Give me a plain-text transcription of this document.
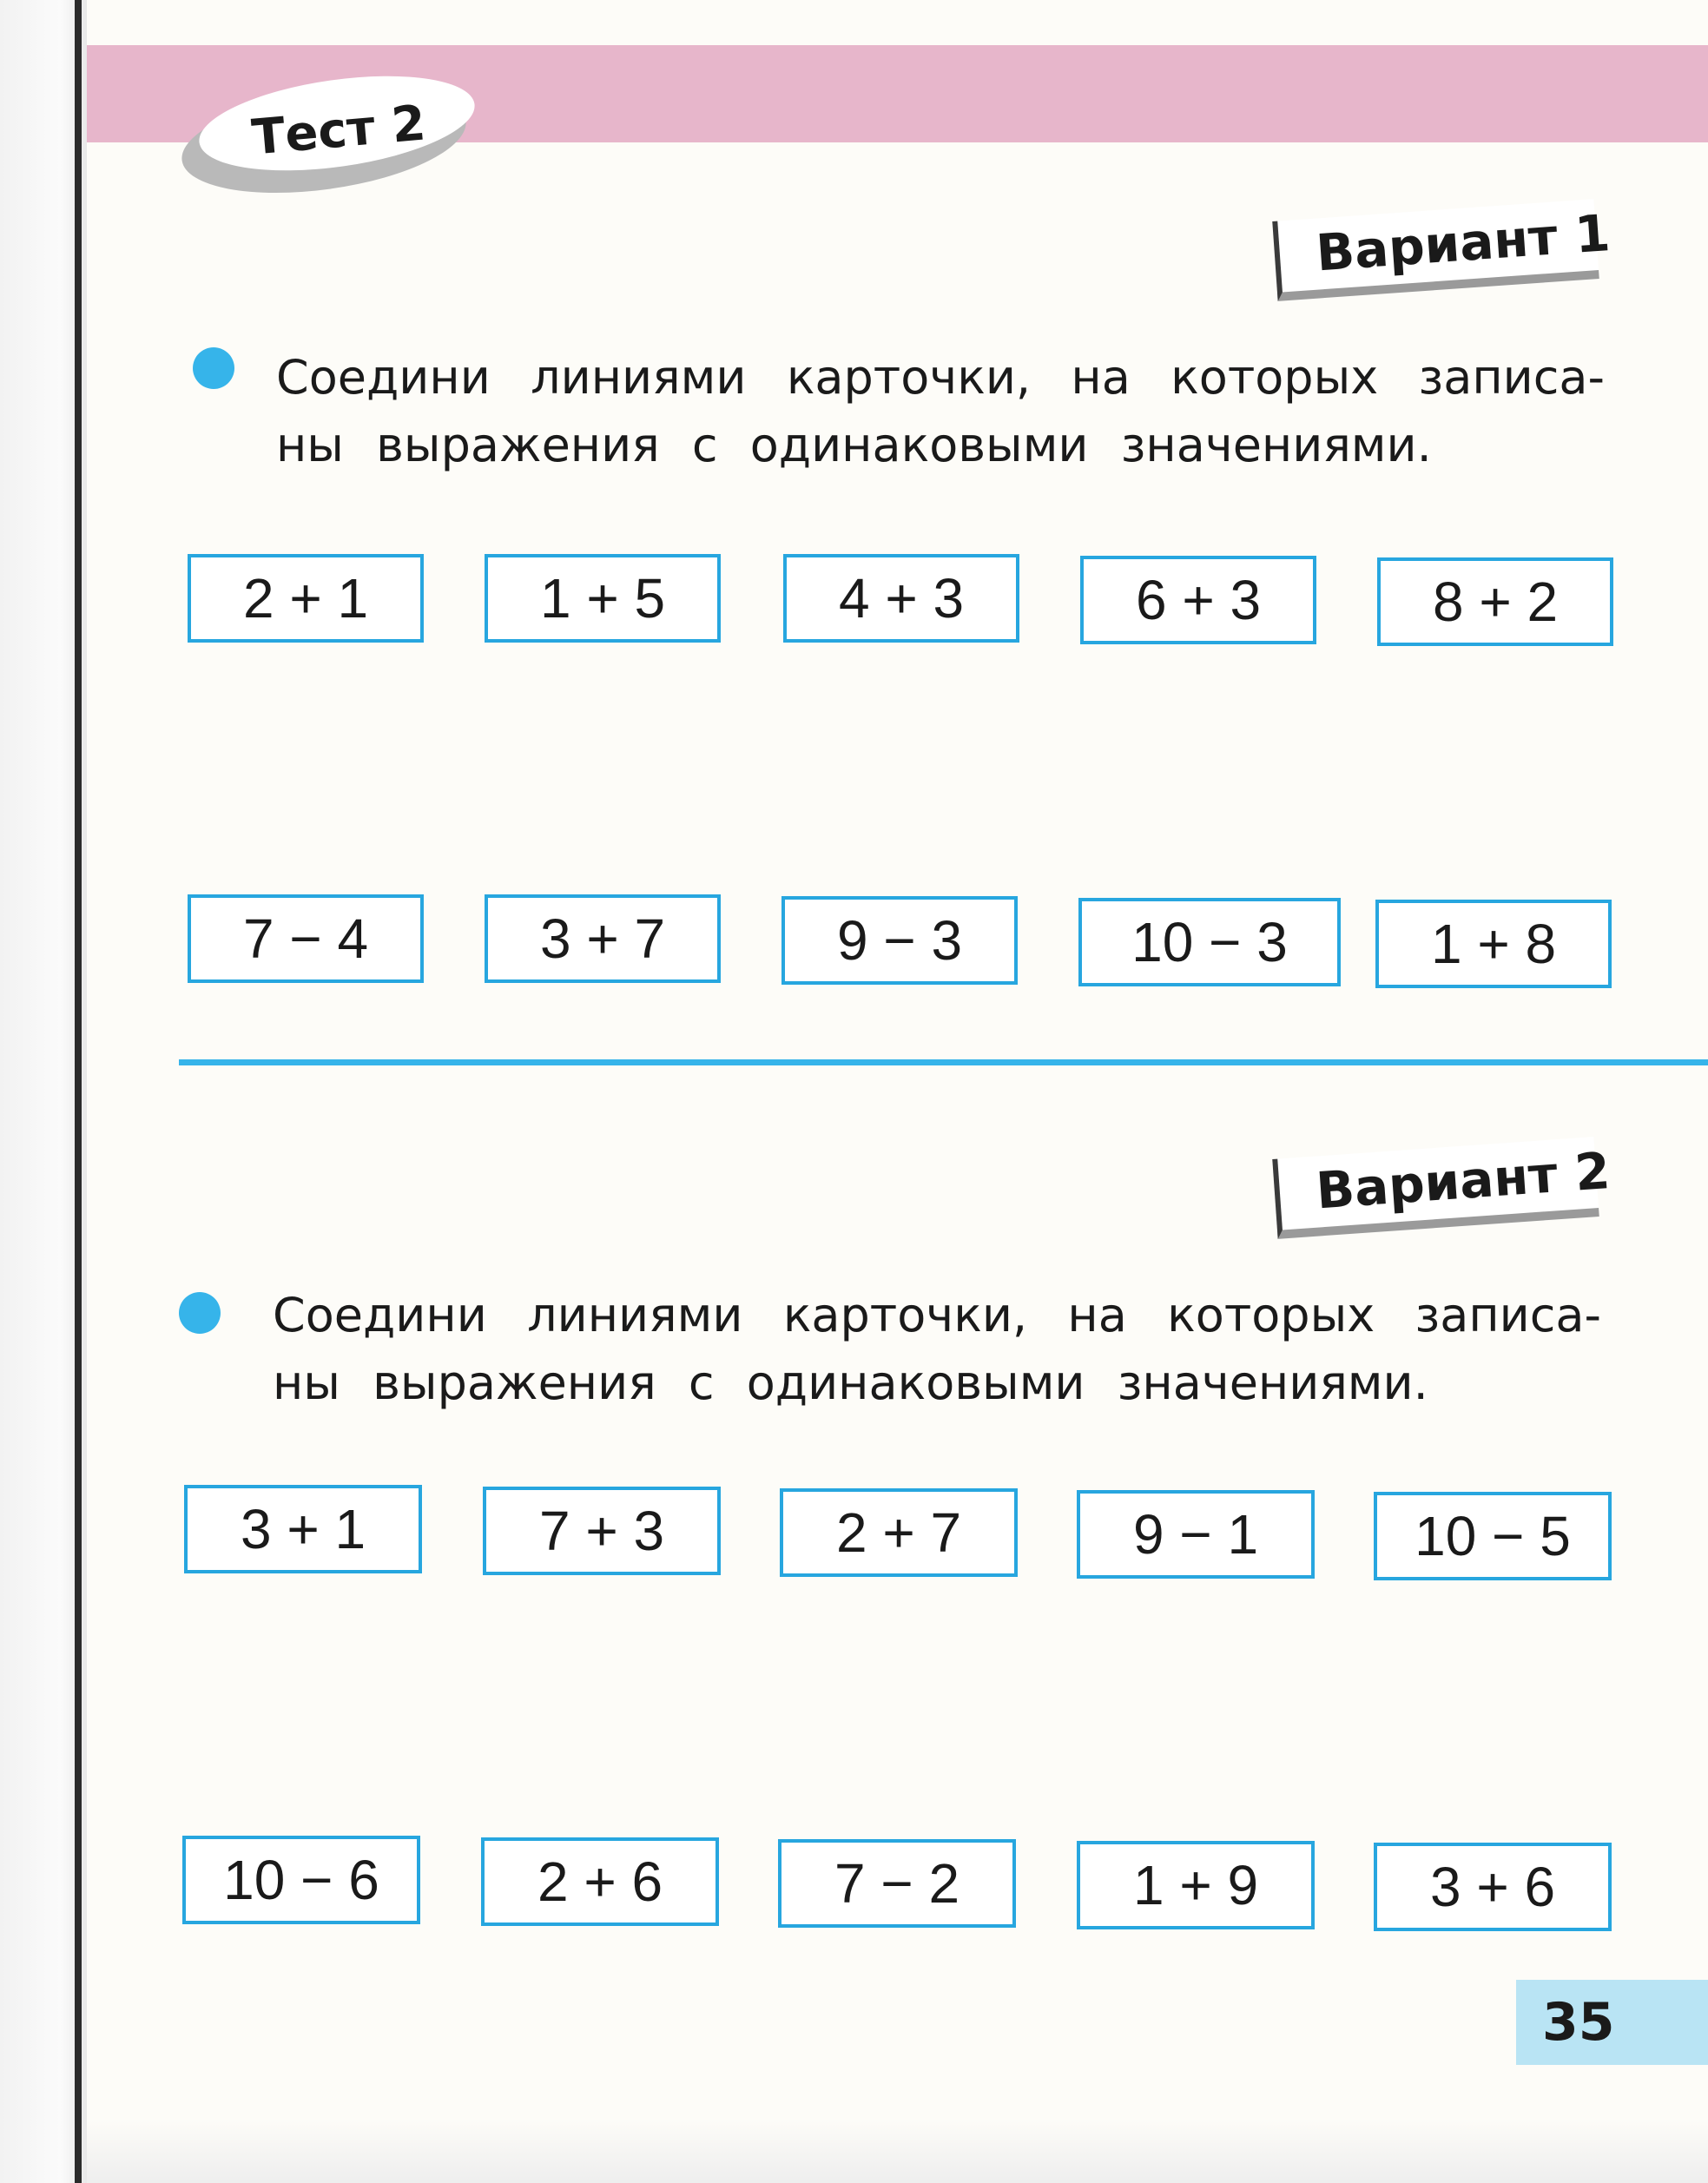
Тест 2
Вариант 1
Соедини линиями карточки, на которых записа-
ны выражения с одинаковыми значениями.
2 + 1	1 + 5	4 + 3	6 + 3	8 + 2
7 − 4	3 + 7	9 − 3	10 − 3	1 + 8
Вариант 2
Соедини линиями карточки, на которых записа-
ны выражения с одинаковыми значениями.
3 + 1	7 + 3	2 + 7	9 − 1	10 − 5
10 − 6	2 + 6	7 − 2	1 + 9	3 + 6
35
